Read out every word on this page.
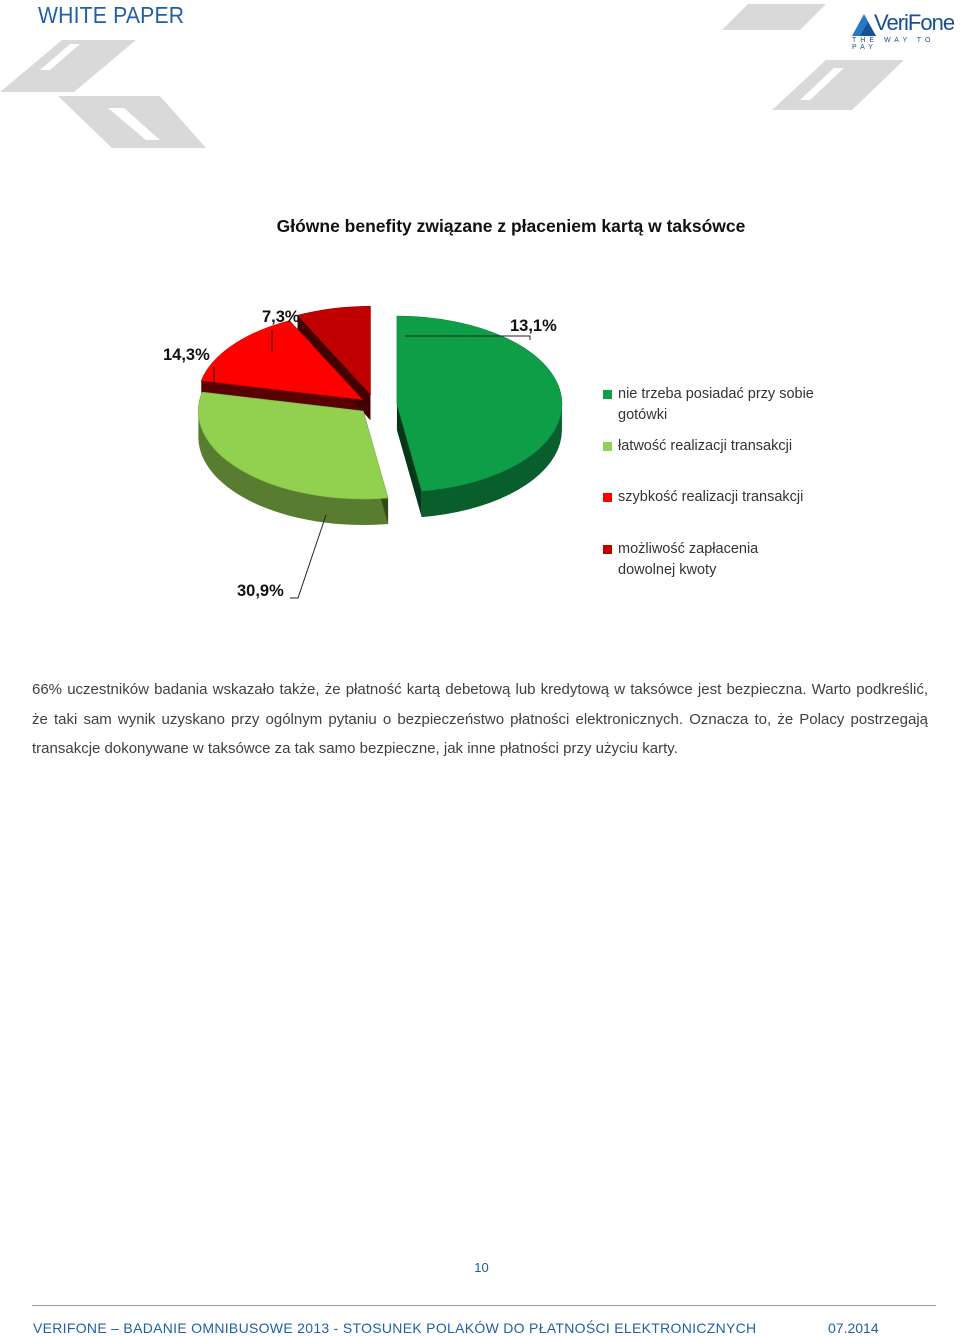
WHITE PAPER	VeriFone
THE WAY TO PAY
Główne benefity związane z płaceniem kartą w taksówce
30,9%
14,3%
7,3%	13,1%
nie trzeba posiadać przy sobie gotówki
łatwość realizacji transakcji
szybkość realizacji transakcji
możliwość zapłacenia dowolnej kwoty
66% uczestników badania wskazało także, że płatność kartą debetową lub kredytową w taksówce jest bezpieczna. Warto podkreślić, że taki sam wynik uzyskano przy ogólnym pytaniu o bezpieczeństwo płatności elektronicznych. Oznacza to, że Polacy postrzegają transakcje dokonywane w taksówce za tak samo bezpieczne, jak inne płatności przy użyciu karty.
10
VERIFONE – BADANIE OMNIBUSOWE 2013 - STOSUNEK POLAKÓW DO PŁATNOŚCI ELEKTRONICZNYCH	07.2014
